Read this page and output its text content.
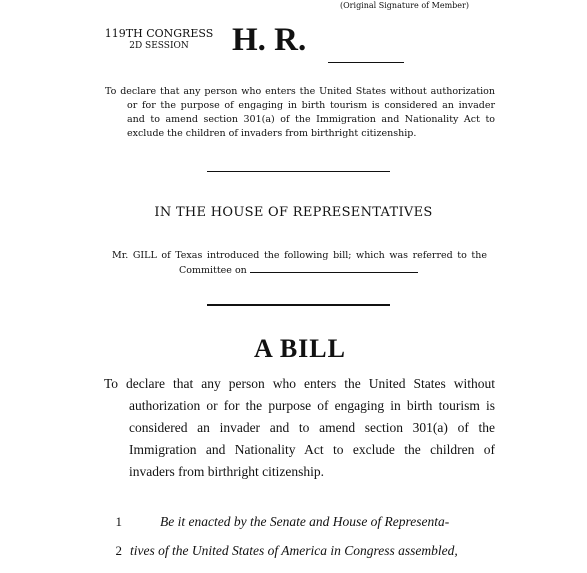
(Original Signature of Member)
119TH CONGRESS
2D SESSION	H. R.
To declare that any person who enters the United States without authorization or for the purpose of engaging in birth tourism is considered an invader and to amend section 301(a) of the Immigration and Nationality Act to exclude the children of invaders from birthright citizenship.
IN THE HOUSE OF REPRESENTATIVES
Mr. GILL of Texas introduced the following bill; which was referred to the Committee on
A BILL
To declare that any person who enters the United States without authorization or for the purpose of engaging in birth tourism is considered an invader and to amend section 301(a) of the Immigration and Nationality Act to exclude the children of invaders from birthright citizenship.
1	Be it enacted by the Senate and House of Representa-
2 tives of the United States of America in Congress assembled,
